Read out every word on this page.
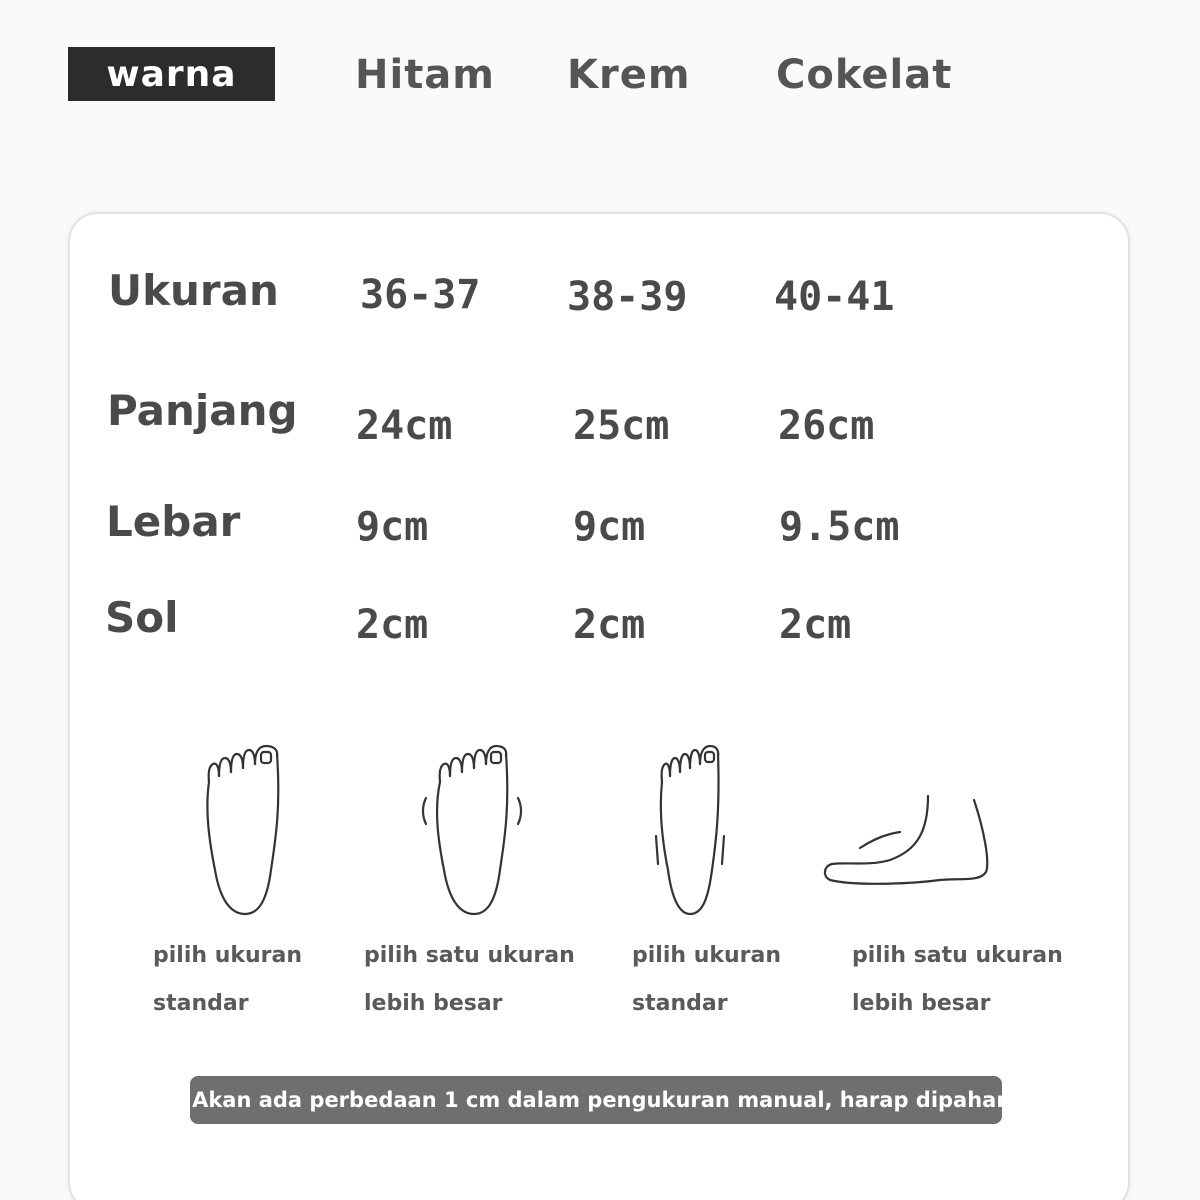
warna	Hitam Krem Cokelat
Ukuran 36-37 38-39 40-41
Panjang 24cm	25cm	26cm
Lebar	9cm	9cm	9.5cm
Sol	2cm	2cm	2cm
pilih ukuran
standar
pilih satu ukuran
lebih besar
pilih ukuran
standar
pilih satu ukuran
lebih besar
* Akan ada perbedaan 1 cm dalam pengukuran manual, harap dipaham
